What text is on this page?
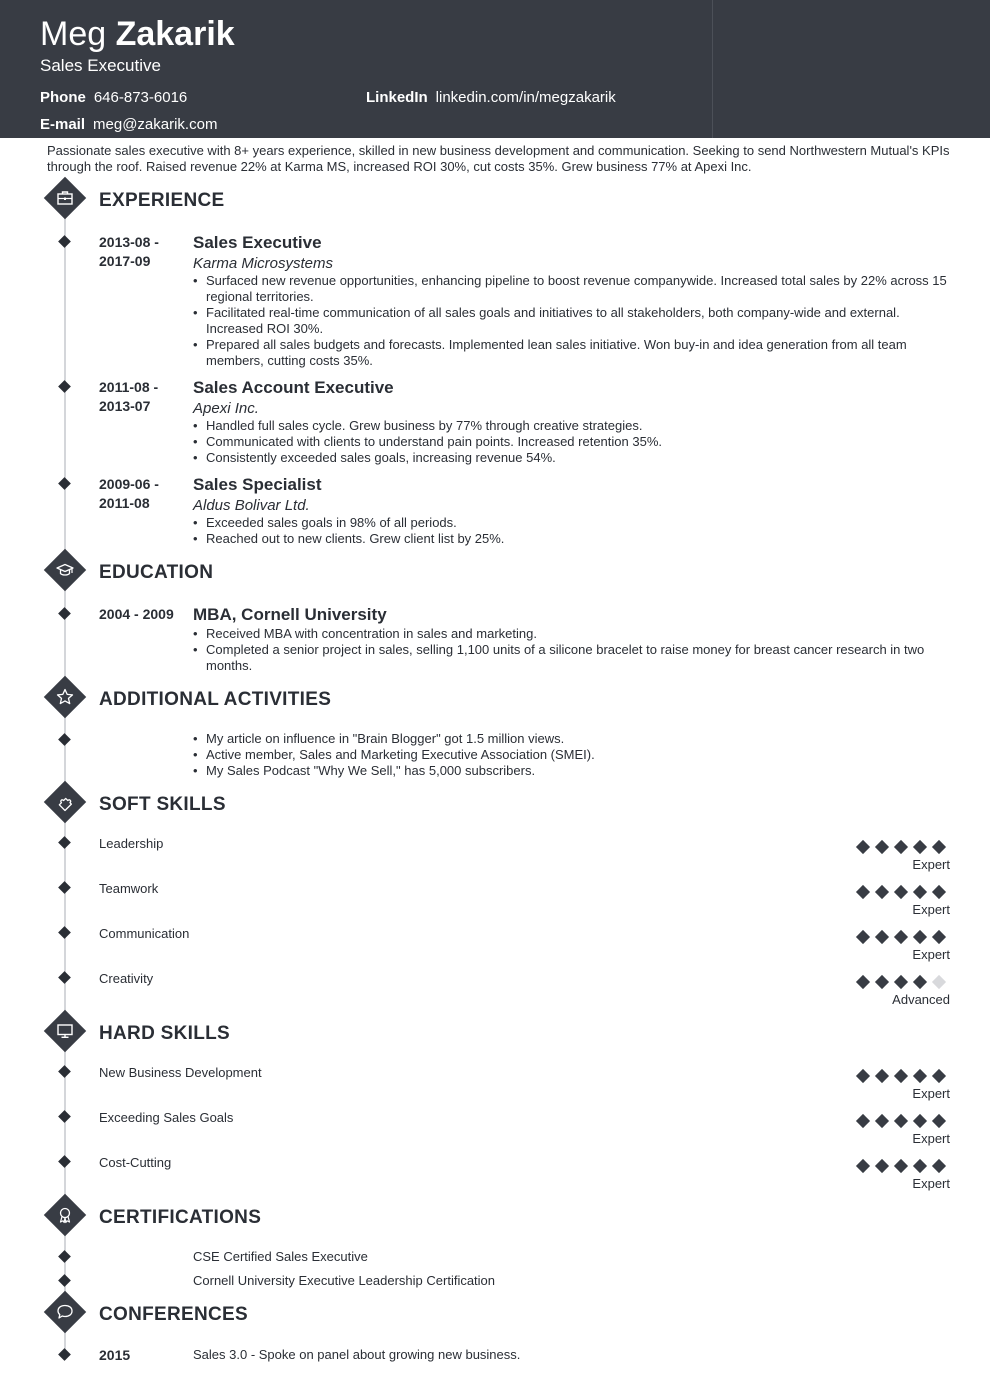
Meg Zakarik
Sales Executive
Phone 646-873-6016	LinkedIn linkedin.com/in/megzakarik
E-mail meg@zakarik.com
Passionate sales executive with 8+ years experience, skilled in new business development and communication. Seeking to send Northwestern Mutual's KPIs through the roof. Raised revenue 22% at Karma MS, increased ROI 30%, cut costs 35%. Grew business 77% at Apexi Inc.
EXPERIENCE
2013-08 - 2017-09
Sales Executive
Karma Microsystems
• Surfaced new revenue opportunities, enhancing pipeline to boost revenue companywide. Increased total sales by 22% across 15 regional territories.
• Facilitated real-time communication of all sales goals and initiatives to all stakeholders, both company-wide and external. Increased ROI 30%.
• Prepared all sales budgets and forecasts. Implemented lean sales initiative. Won buy-in and idea generation from all team members, cutting costs 35%.
2011-08 - 2013-07
Sales Account Executive
Apexi Inc.
• Handled full sales cycle. Grew business by 77% through creative strategies.
• Communicated with clients to understand pain points. Increased retention 35%.
• Consistently exceeded sales goals, increasing revenue 54%.
2009-06 - 2011-08
Sales Specialist
Aldus Bolivar Ltd.
• Exceeded sales goals in 98% of all periods.
• Reached out to new clients. Grew client list by 25%.
EDUCATION
2004 - 2009	MBA, Cornell University
• Received MBA with concentration in sales and marketing.
• Completed a senior project in sales, selling 1,100 units of a silicone bracelet to raise money for breast cancer research in two months.
ADDITIONAL ACTIVITIES
• My article on influence in "Brain Blogger" got 1.5 million views.
• Active member, Sales and Marketing Executive Association (SMEI).
• My Sales Podcast "Why We Sell," has 5,000 subscribers.
SOFT SKILLS
Leadership
Expert
Teamwork
Expert
Communication
Expert
Creativity
Advanced
HARD SKILLS
New Business Development
Expert
Exceeding Sales Goals
Expert
Cost-Cutting
Expert
CERTIFICATIONS
CSE Certified Sales Executive
Cornell University Executive Leadership Certification
CONFERENCES
2015	Sales 3.0 - Spoke on panel about growing new business.
